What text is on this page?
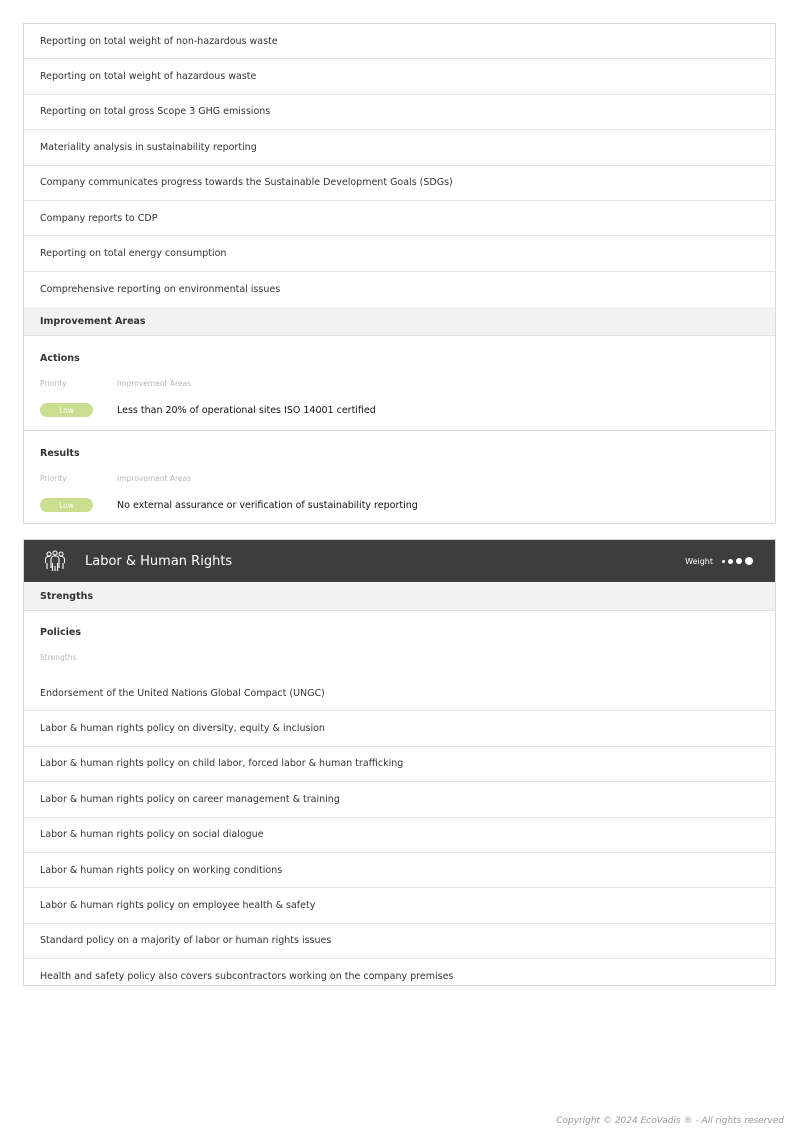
Reporting on total weight of non-hazardous waste
Reporting on total weight of hazardous waste
Reporting on total gross Scope 3 GHG emissions
Materiality analysis in sustainability reporting
Company communicates progress towards the Sustainable Development Goals (SDGs)
Company reports to CDP
Reporting on total energy consumption
Comprehensive reporting on environmental issues
Improvement Areas
Actions
Priority	Improvement Areas
Low	Less than 20% of operational sites ISO 14001 certified
Results
Priority	Improvement Areas
Low	No external assurance or verification of sustainability reporting
Labor & Human Rights	Weight
Strengths
Policies
Strengths
Endorsement of the United Nations Global Compact (UNGC)
Labor & human rights policy on diversity, equity & inclusion
Labor & human rights policy on child labor, forced labor & human trafficking
Labor & human rights policy on career management & training
Labor & human rights policy on social dialogue
Labor & human rights policy on working conditions
Labor & human rights policy on employee health & safety
Standard policy on a majority of labor or human rights issues
Health and safety policy also covers subcontractors working on the company premises
Copyright © 2024 EcoVadis ® - All rights reserved
